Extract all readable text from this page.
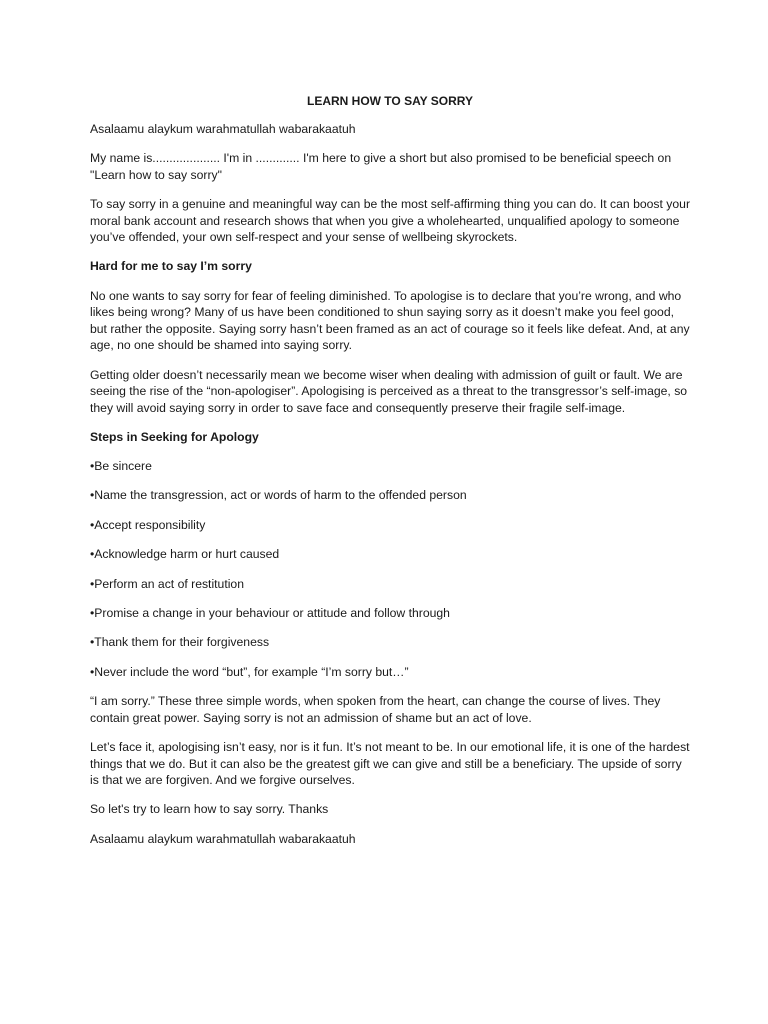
LEARN HOW TO SAY SORRY

Asalaamu alaykum warahmatullah wabarakaatuh

My name is.................... I'm in ............. I'm here to give a short but also promised to be beneficial speech on "Learn how to say sorry"

To say sorry in a genuine and meaningful way can be the most self-affirming thing you can do. It can boost your moral bank account and research shows that when you give a wholehearted, unqualified apology to someone you’ve offended, your own self-respect and your sense of wellbeing skyrockets.

Hard for me to say I’m sorry

No one wants to say sorry for fear of feeling diminished. To apologise is to declare that you’re wrong, and who likes being wrong? Many of us have been conditioned to shun saying sorry as it doesn’t make you feel good, but rather the opposite. Saying sorry hasn’t been framed as an act of courage so it feels like defeat. And, at any age, no one should be shamed into saying sorry.

Getting older doesn’t necessarily mean we become wiser when dealing with admission of guilt or fault. We are seeing the rise of the “non-apologiser”. Apologising is perceived as a threat to the transgressor’s self-image, so they will avoid saying sorry in order to save face and consequently preserve their fragile self-image.

Steps in Seeking for Apology

•Be sincere

•Name the transgression, act or words of harm to the offended person

•Accept responsibility

•Acknowledge harm or hurt caused

•Perform an act of restitution

•Promise a change in your behaviour or attitude and follow through

•Thank them for their forgiveness

•Never include the word “but”, for example “I’m sorry but…”

“I am sorry.” These three simple words, when spoken from the heart, can change the course of lives. They contain great power. Saying sorry is not an admission of shame but an act of love.

Let’s face it, apologising isn’t easy, nor is it fun. It’s not meant to be. In our emotional life, it is one of the hardest things that we do. But it can also be the greatest gift we can give and still be a beneficiary. The upside of sorry is that we are forgiven. And we forgive ourselves.

So let's try to learn how to say sorry. Thanks

Asalaamu alaykum warahmatullah wabarakaatuh
